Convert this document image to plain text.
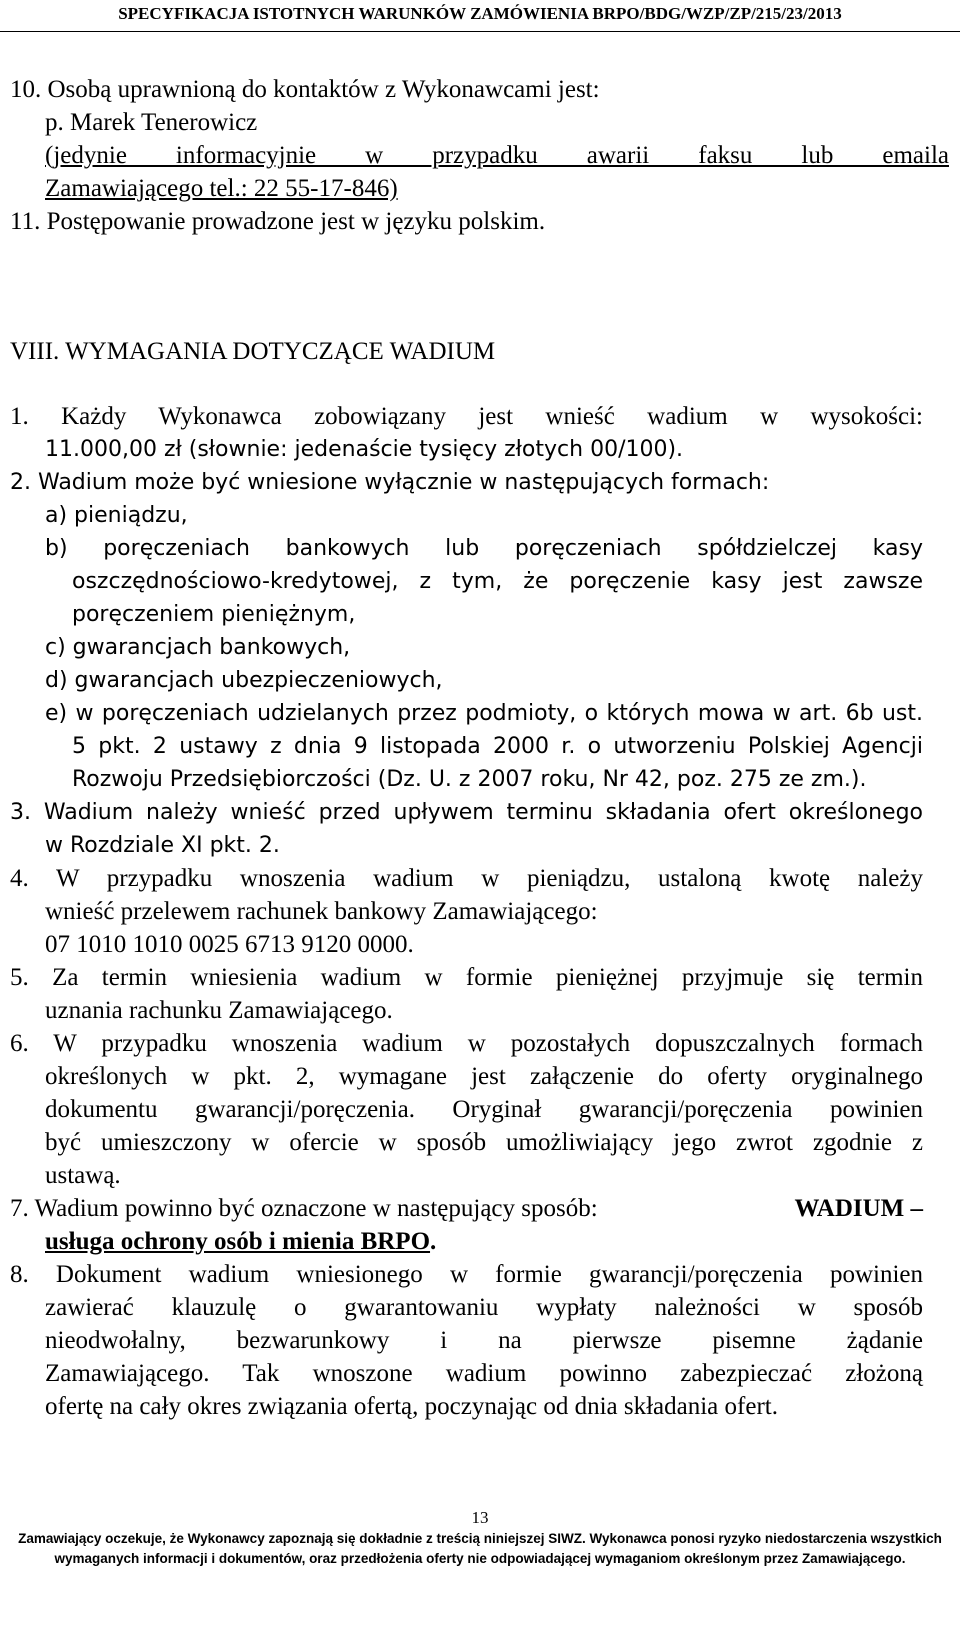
SPECYFIKACJA ISTOTNYCH WARUNKÓW ZAMÓWIENIA BRPO/BDG/WZP/ZP/215/23/2013
10. Osobą uprawnioną do kontaktów z Wykonawcami jest:
p. Marek Tenerowicz
(jedynie informacyjnie w przypadku awarii faksu lub emaila
Zamawiającego tel.: 22 55-17-846)
11. Postępowanie prowadzone jest w języku polskim.
VIII. WYMAGANIA DOTYCZĄCE WADIUM
1. Każdy Wykonawca zobowiązany jest wnieść wadium w wysokości:
11.000,00 zł (słownie: jedenaście tysięcy złotych 00/100).
2. Wadium może być wniesione wyłącznie w następujących formach:
a) pieniądzu,
b) poręczeniach bankowych lub poręczeniach spółdzielczej kasy
oszczędnościowo-kredytowej, z tym, że poręczenie kasy jest zawsze
poręczeniem pieniężnym,
c) gwarancjach bankowych,
d) gwarancjach ubezpieczeniowych,
e) w poręczeniach udzielanych przez podmioty, o których mowa w art. 6b ust.
5 pkt. 2 ustawy z dnia 9 listopada 2000 r. o utworzeniu Polskiej Agencji
Rozwoju Przedsiębiorczości (Dz. U. z 2007 roku, Nr 42, poz. 275 ze zm.).
3. Wadium należy wnieść przed upływem terminu składania ofert określonego
w Rozdziale XI pkt. 2.
4. W przypadku wnoszenia wadium w pieniądzu, ustaloną kwotę należy
wnieść przelewem rachunek bankowy Zamawiającego:
07 1010 1010 0025 6713 9120 0000.
5. Za termin wniesienia wadium w formie pieniężnej przyjmuje się termin
uznania rachunku Zamawiającego.
6. W przypadku wnoszenia wadium w pozostałych dopuszczalnych formach
określonych w pkt. 2, wymagane jest załączenie do oferty oryginalnego
dokumentu gwarancji/poręczenia. Oryginał gwarancji/poręczenia powinien
być umieszczony w ofercie w sposób umożliwiający jego zwrot zgodnie z
ustawą.
7. Wadium powinno być oznaczone w następujący sposób:	WADIUM –
usługa ochrony osób i mienia BRPO.
8. Dokument wadium wniesionego w formie gwarancji/poręczenia powinien
zawierać klauzulę o gwarantowaniu wypłaty należności w sposób
nieodwołalny, bezwarunkowy i na pierwsze pisemne żądanie
Zamawiającego. Tak wnoszone wadium powinno zabezpieczać złożoną
ofertę na cały okres związania ofertą, poczynając od dnia składania ofert.
13
Zamawiający oczekuje, że Wykonawcy zapoznają się dokładnie z treścią niniejszej SIWZ. Wykonawca ponosi ryzyko niedostarczenia wszystkich
wymaganych informacji i dokumentów, oraz przedłożenia oferty nie odpowiadającej wymaganiom określonym przez Zamawiającego.
